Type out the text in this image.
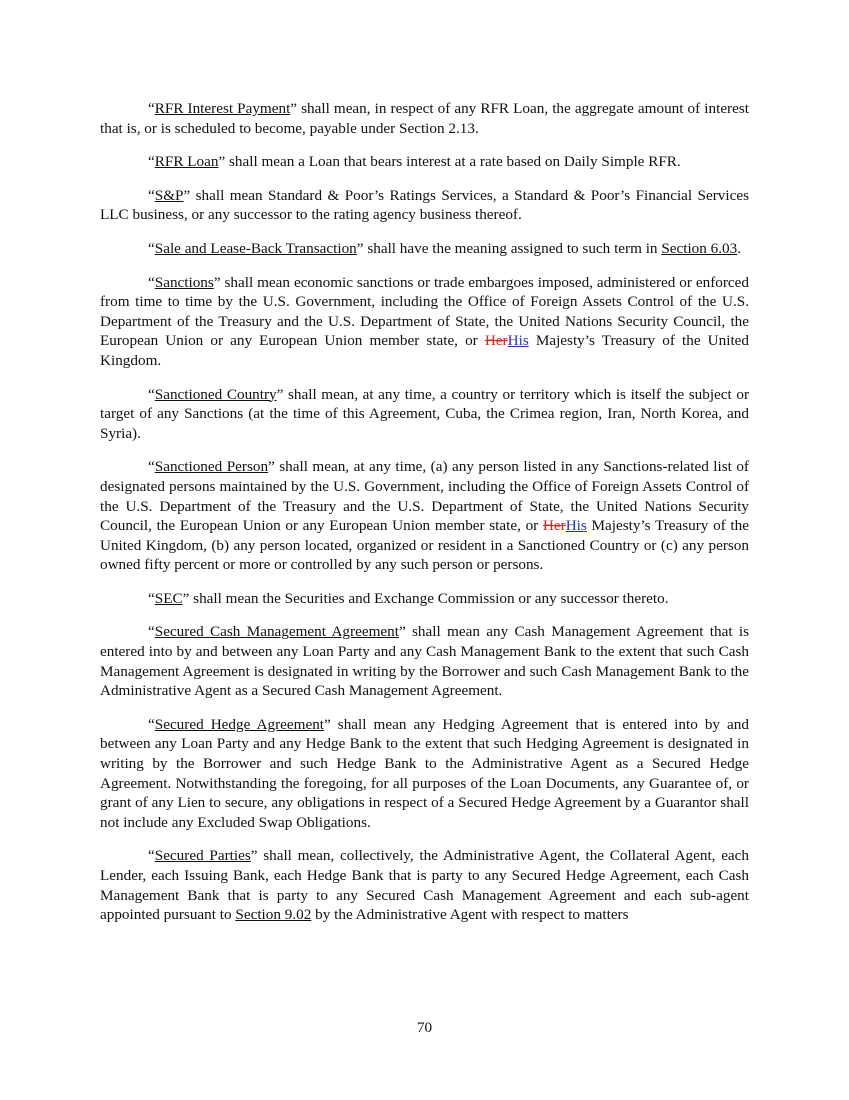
“RFR Interest Payment” shall mean, in respect of any RFR Loan, the aggregate amount of interest that is, or is scheduled to become, payable under Section 2.13.

“RFR Loan” shall mean a Loan that bears interest at a rate based on Daily Simple RFR.

“S&P” shall mean Standard & Poor’s Ratings Services, a Standard & Poor’s Financial Services LLC business, or any successor to the rating agency business thereof.

“Sale and Lease-Back Transaction” shall have the meaning assigned to such term in Section 6.03.

“Sanctions” shall mean economic sanctions or trade embargoes imposed, administered or enforced from time to time by the U.S. Government, including the Office of Foreign Assets Control of the U.S. Department of the Treasury and the U.S. Department of State, the United Nations Security Council, the European Union or any European Union member state, or HerHis Majesty’s Treasury of the United Kingdom.

“Sanctioned Country” shall mean, at any time, a country or territory which is itself the subject or target of any Sanctions (at the time of this Agreement, Cuba, the Crimea region, Iran, North Korea, and Syria).

“Sanctioned Person” shall mean, at any time, (a) any person listed in any Sanctions-related list of designated persons maintained by the U.S. Government, including the Office of Foreign Assets Control of the U.S. Department of the Treasury and the U.S. Department of State, the United Nations Security Council, the European Union or any European Union member state, or HerHis Majesty’s Treasury of the United Kingdom, (b) any person located, organized or resident in a Sanctioned Country or (c) any person owned fifty percent or more or controlled by any such person or persons.

“SEC” shall mean the Securities and Exchange Commission or any successor thereto.

“Secured Cash Management Agreement” shall mean any Cash Management Agreement that is entered into by and between any Loan Party and any Cash Management Bank to the extent that such Cash Management Agreement is designated in writing by the Borrower and such Cash Management Bank to the Administrative Agent as a Secured Cash Management Agreement.

“Secured Hedge Agreement” shall mean any Hedging Agreement that is entered into by and between any Loan Party and any Hedge Bank to the extent that such Hedging Agreement is designated in writing by the Borrower and such Hedge Bank to the Administrative Agent as a Secured Hedge Agreement. Notwithstanding the foregoing, for all purposes of the Loan Documents, any Guarantee of, or grant of any Lien to secure, any obligations in respect of a Secured Hedge Agreement by a Guarantor shall not include any Excluded Swap Obligations.

“Secured Parties” shall mean, collectively, the Administrative Agent, the Collateral Agent, each Lender, each Issuing Bank, each Hedge Bank that is party to any Secured Hedge Agreement, each Cash Management Bank that is party to any Secured Cash Management Agreement and each sub-agent appointed pursuant to Section 9.02 by the Administrative Agent with respect to matters

70
